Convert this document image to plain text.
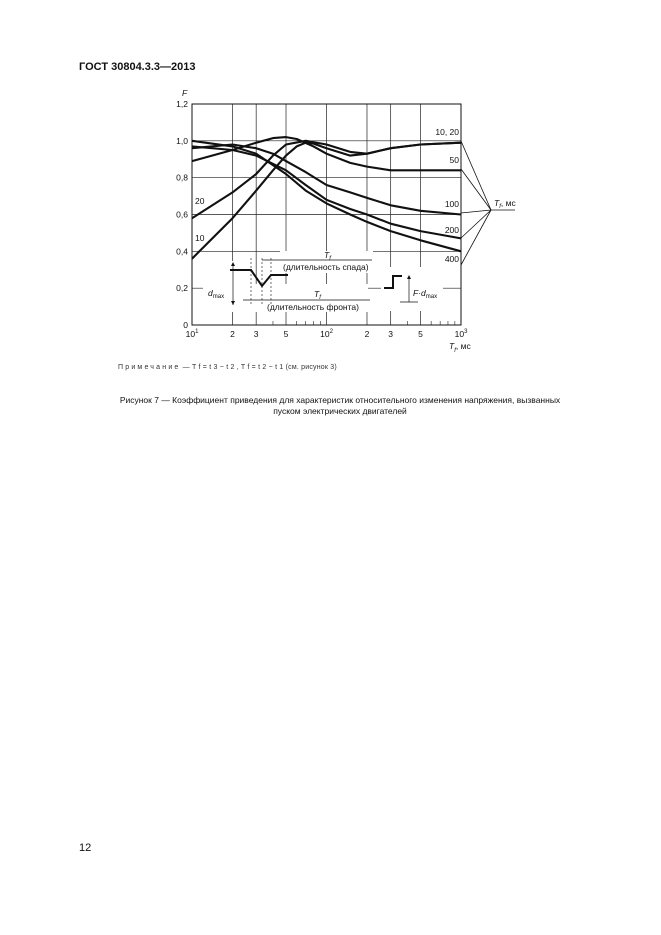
ГОСТ 30804.3.3—2013
$T_f$
(длительность спада)
$d_{max}$	$T_f$
(длительность фронта)
$F\cdot d_{max}$
0
0,2
0,4
0,6
0,8
1,0
1,2
$10^1$	2 3	5	$10^2$	2 3	5	$10^3$
F
$T_f$, мс
10
20
10, 20
50
100
200
400
$T_f$, мс
Примечание — T f = t 3 − t 2 , T f = t 2 − t 1 (см. рисунок 3)
Рисунок 7 — Коэффициент приведения для характеристик относительного изменения напряжения, вызванных
пуском электрических двигателей
12
